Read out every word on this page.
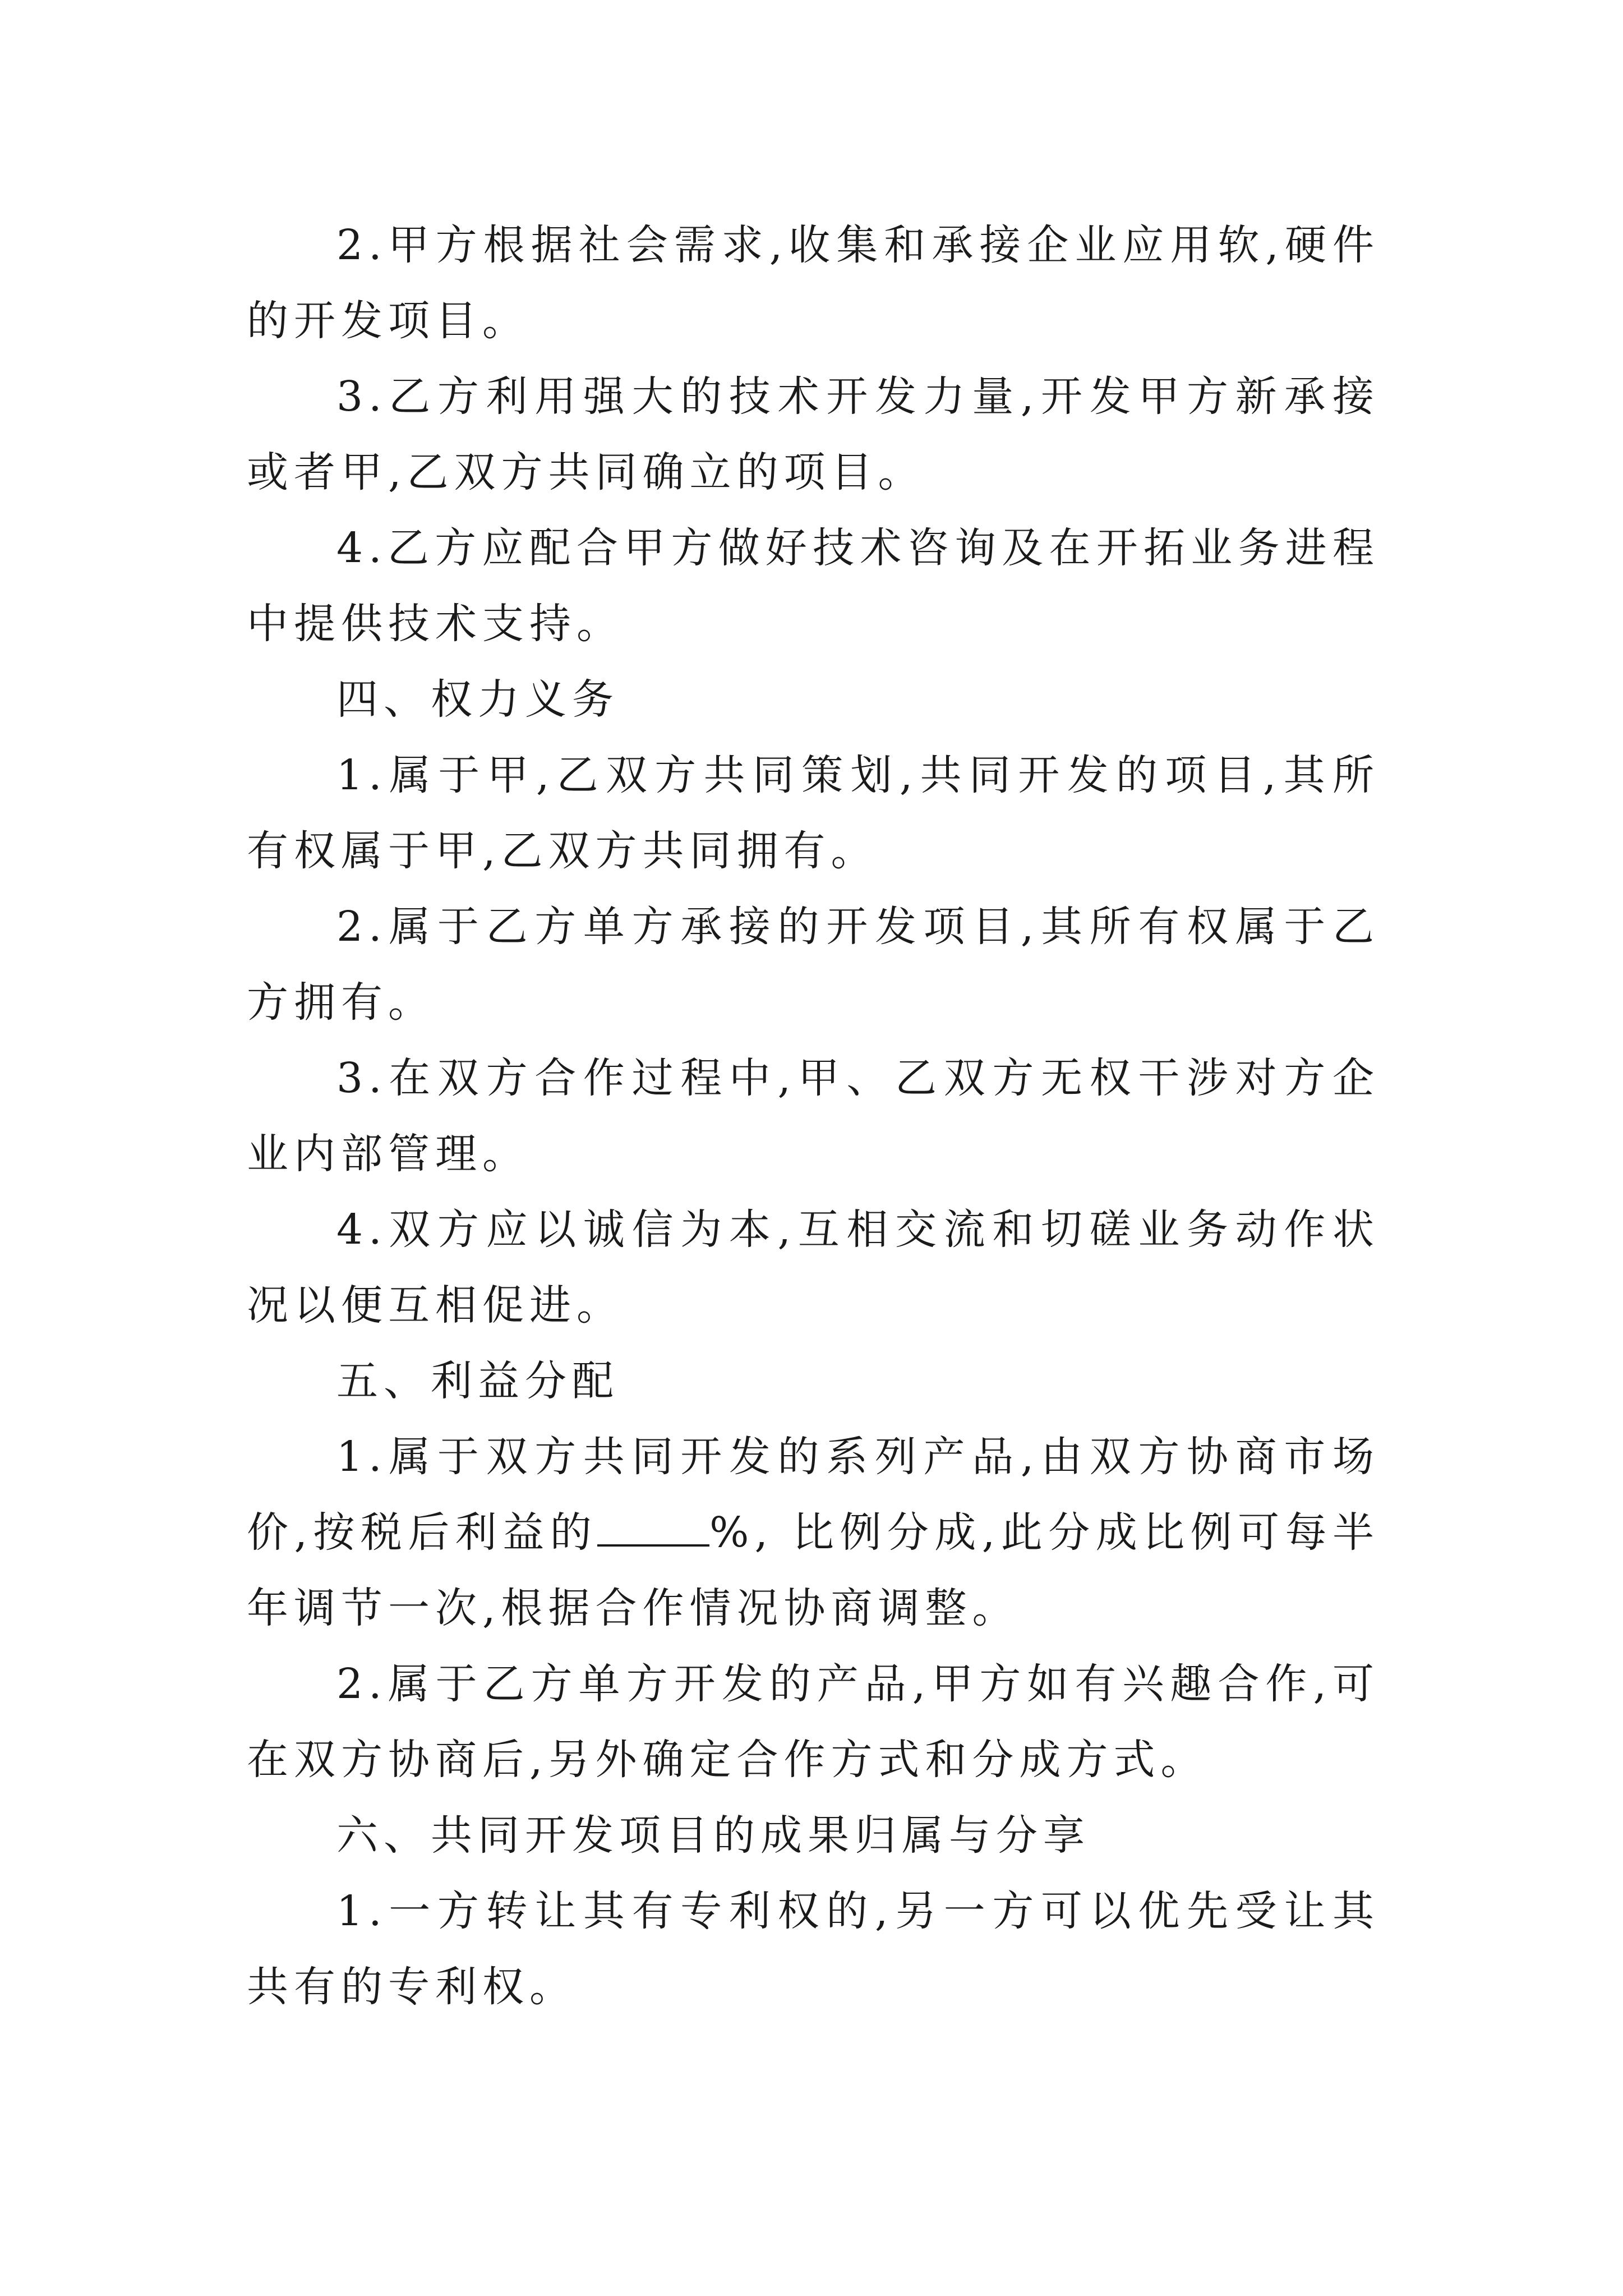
2.甲方根据社会需求,收集和承接企业应用软,硬件的开发项目。

3.乙方利用强大的技术开发力量,开发甲方新承接或者甲,乙双方共同确立的项目。

4.乙方应配合甲方做好技术咨询及在开拓业务进程中提供技术支持。

四、权力义务

1.属于甲,乙双方共同策划,共同开发的项目,其所有权属于甲,乙双方共同拥有。

2.属于乙方单方承接的开发项目,其所有权属于乙方拥有。

3.在双方合作过程中,甲、乙双方无权干涉对方企业内部管理。

4.双方应以诚信为本,互相交流和切磋业务动作状况以便互相促进。

五、利益分配

1.属于双方共同开发的系列产品,由双方协商市场价,按税后利益的	%, 比例分成,此分成比例可每半年调节一次,根据合作情况协商调整。

2.属于乙方单方开发的产品,甲方如有兴趣合作,可在双方协商后,另外确定合作方式和分成方式。

六、共同开发项目的成果归属与分享

1.一方转让其有专利权的,另一方可以优先受让其共有的专利权。
